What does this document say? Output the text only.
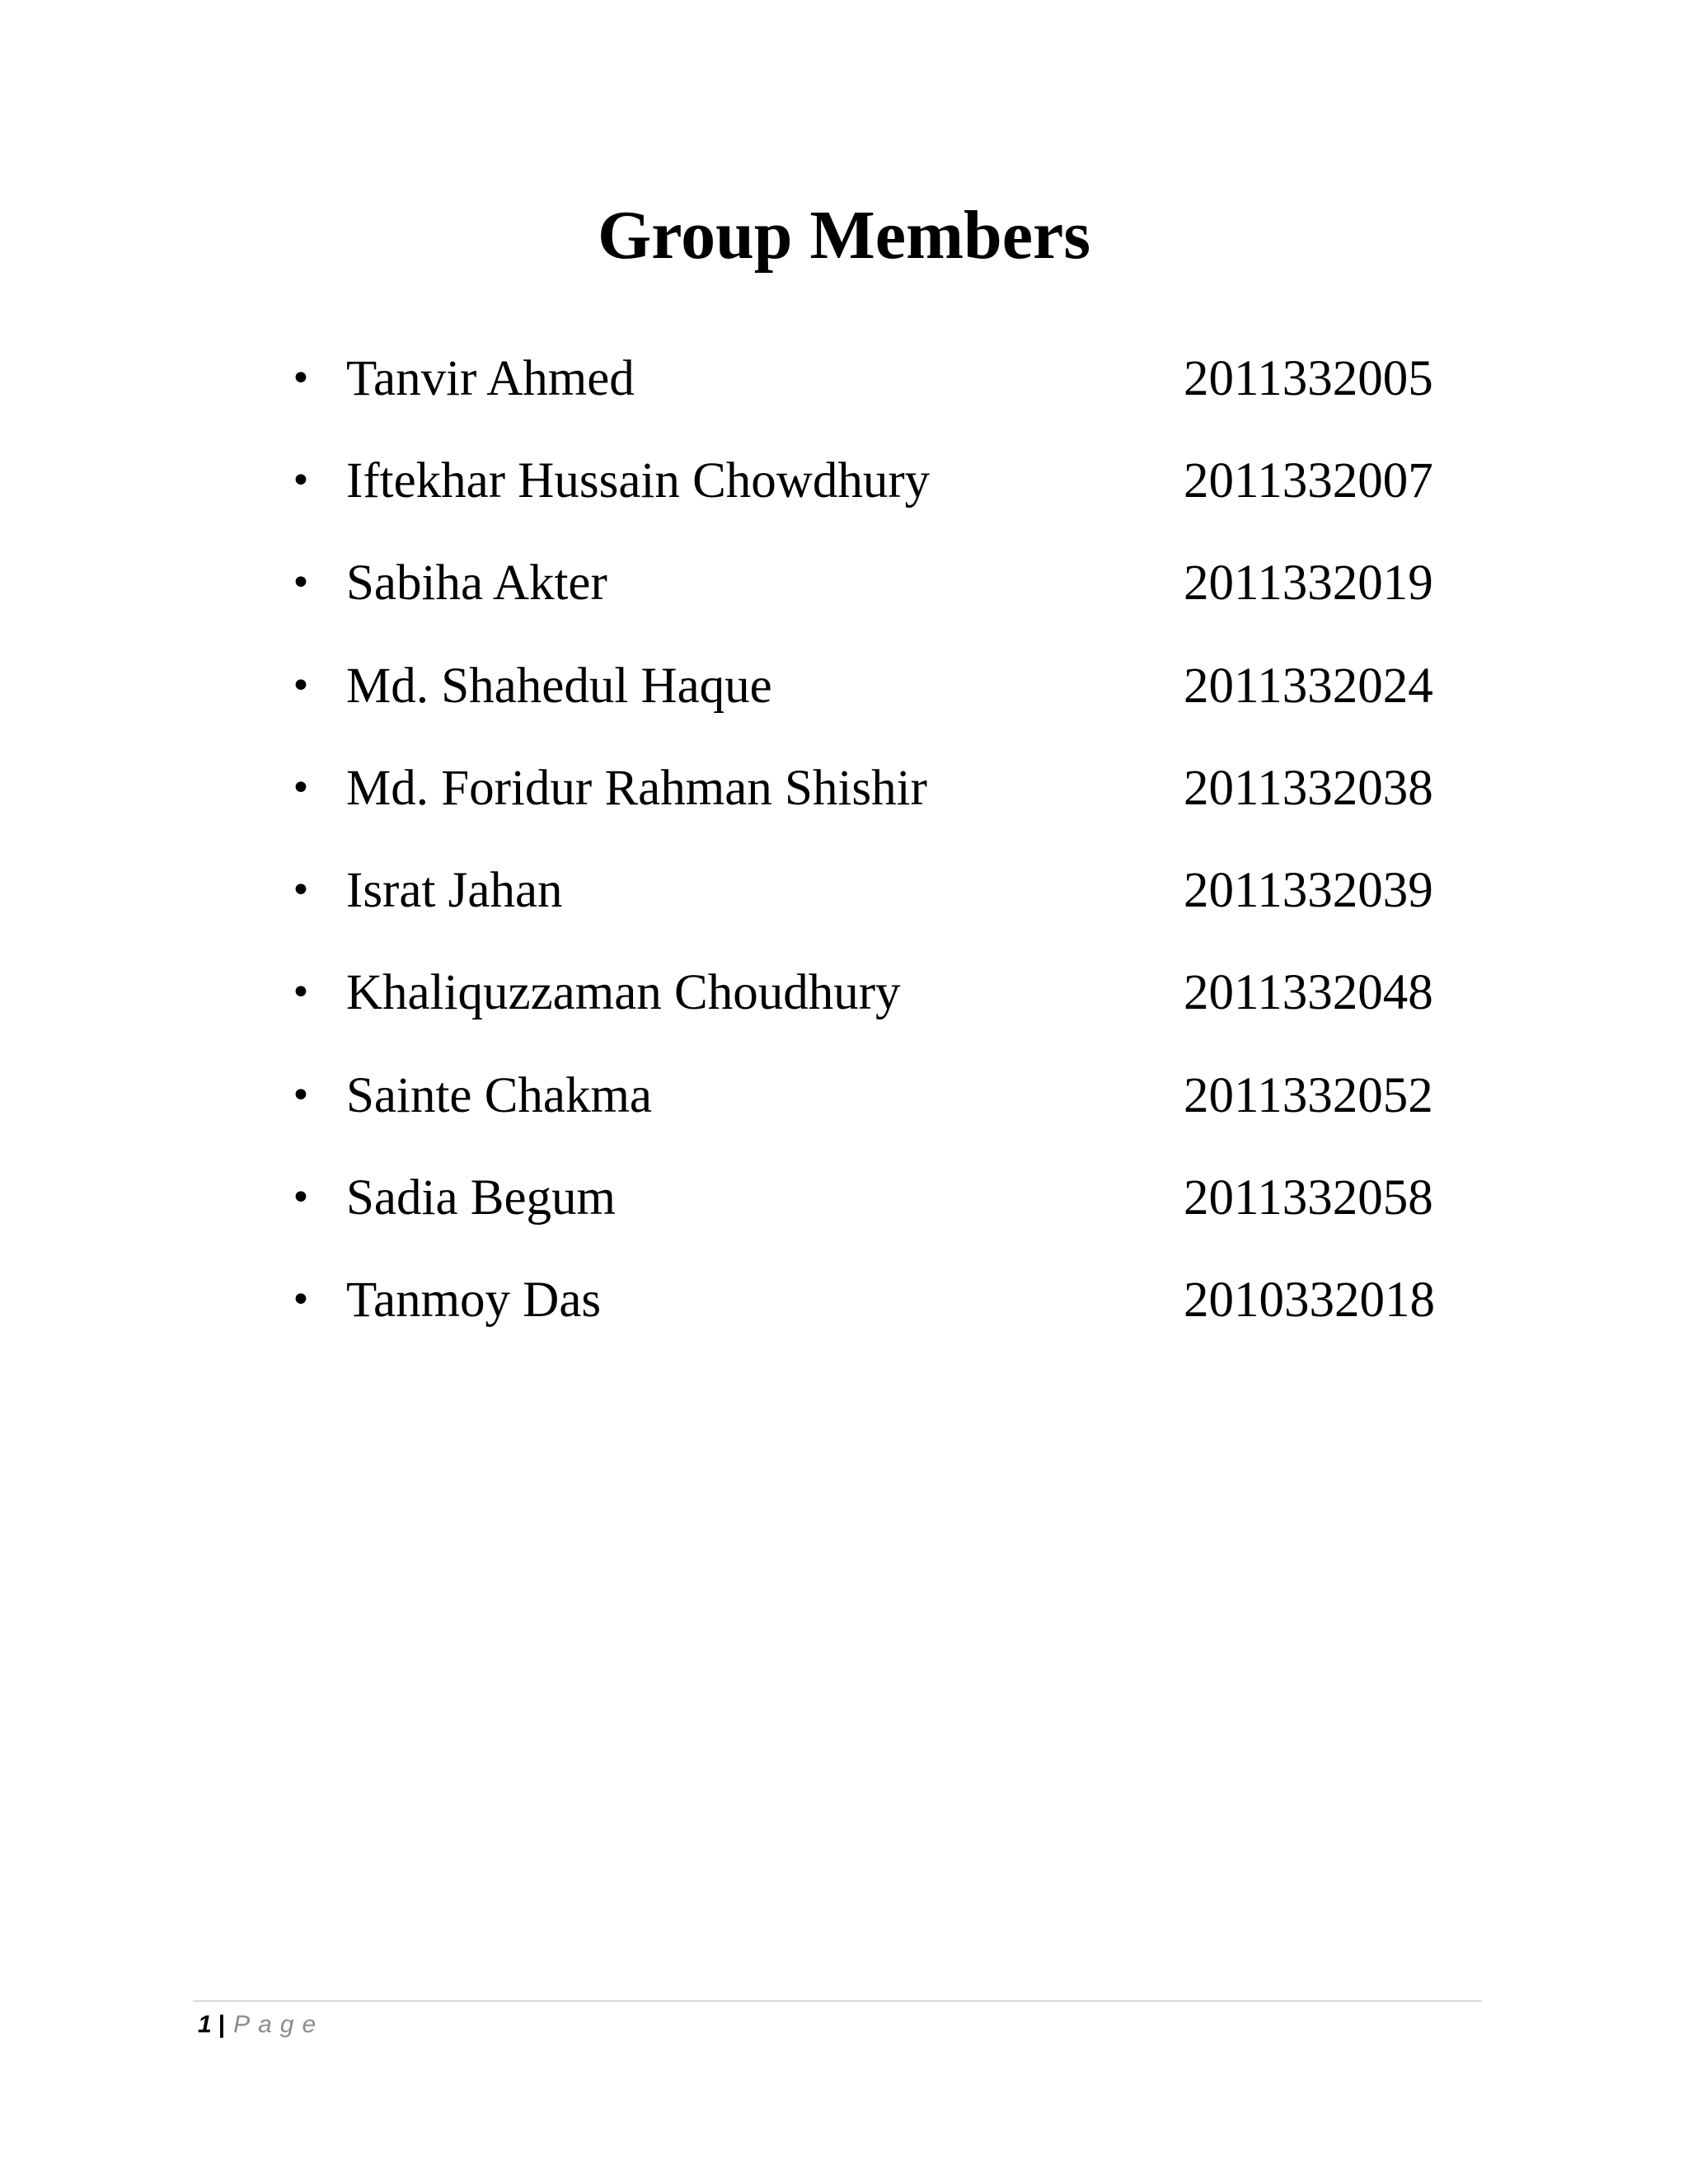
Group Members
• Tanvir Ahmed	2011332005
• Iftekhar Hussain Chowdhury	2011332007
• Sabiha Akter	2011332019
• Md. Shahedul Haque	2011332024
• Md. Foridur Rahman Shishir	2011332038
• Israt Jahan	2011332039
• Khaliquzzaman Choudhury	2011332048
• Sainte Chakma	2011332052
• Sadia Begum	2011332058
• Tanmoy Das	2010332018
1 | Page
